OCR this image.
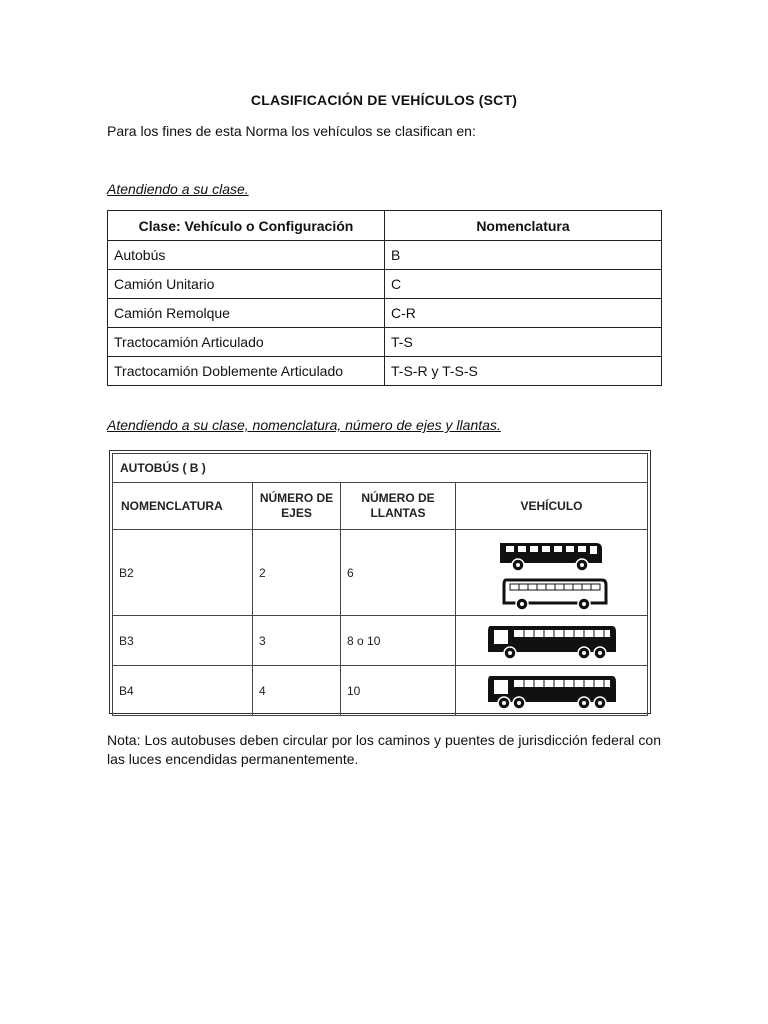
CLASIFICACIÓN DE VEHÍCULOS (SCT)
Para los fines de esta Norma los vehículos se clasifican en:
Atendiendo a su clase.
Clase: Vehículo o Configuración	Nomenclatura
Autobús	B
Camión Unitario	C
Camión Remolque	C-R
Tractocamión Articulado	T-S
Tractocamión Doblemente Articulado	T-S-R y T-S-S
Atendiendo a su clase, nomenclatura, número de ejes y llantas.
AUTOBÚS ( B )			
NOMENCLATURA	NÚMERO DE EJES	NÚMERO DE LLANTAS	VEHÍCULO
B2	2	6	

B3	3	8 o 10	

B4	4	10	
Nota: Los autobuses deben circular por los caminos y puentes de jurisdicción federal con las luces encendidas permanentemente.
